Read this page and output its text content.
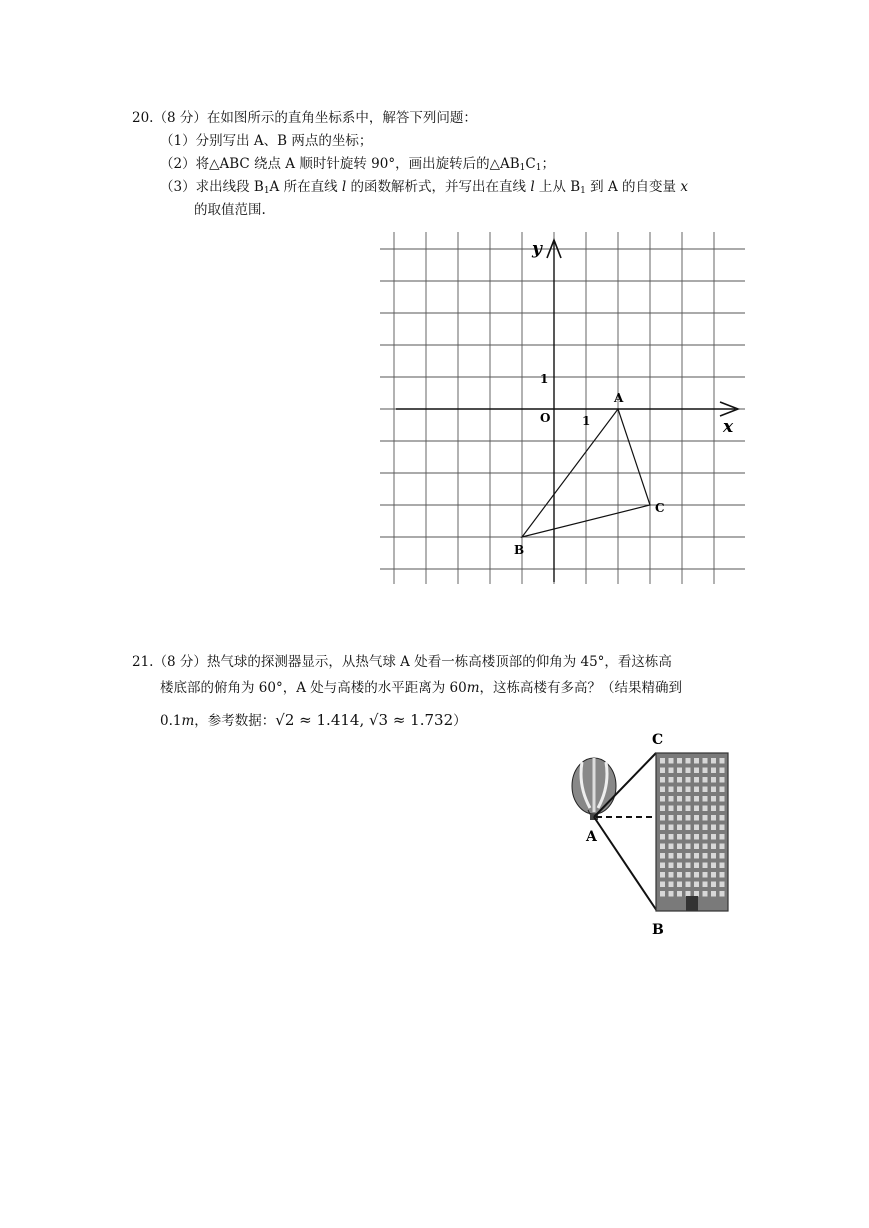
20.（8 分）在如图所示的直角坐标系中，解答下列问题：
（1）分别写出 A、B 两点的坐标；
（2）将△ABC 绕点 A 顺时针旋转 90°，画出旋转后的$\triangle AB_1C_1$；
（3）求出线段 $B_1A$ 所在直线 l 的函数解析式，并写出在直线 l 上从 $B_1$ 到 A 的自变量 x
的取值范围.
y
x
O
1
1
A
C
B
21.（8 分）热气球的探测器显示，从热气球 A 处看一栋高楼顶部的仰角为 45°，看这栋高
楼底部的俯角为 60°，A 处与高楼的水平距离为 60m，这栋高楼有多高？（结果精确到
0.1m，参考数据：√2 ≈ 1.414, √3 ≈ 1.732）
C
A
B
